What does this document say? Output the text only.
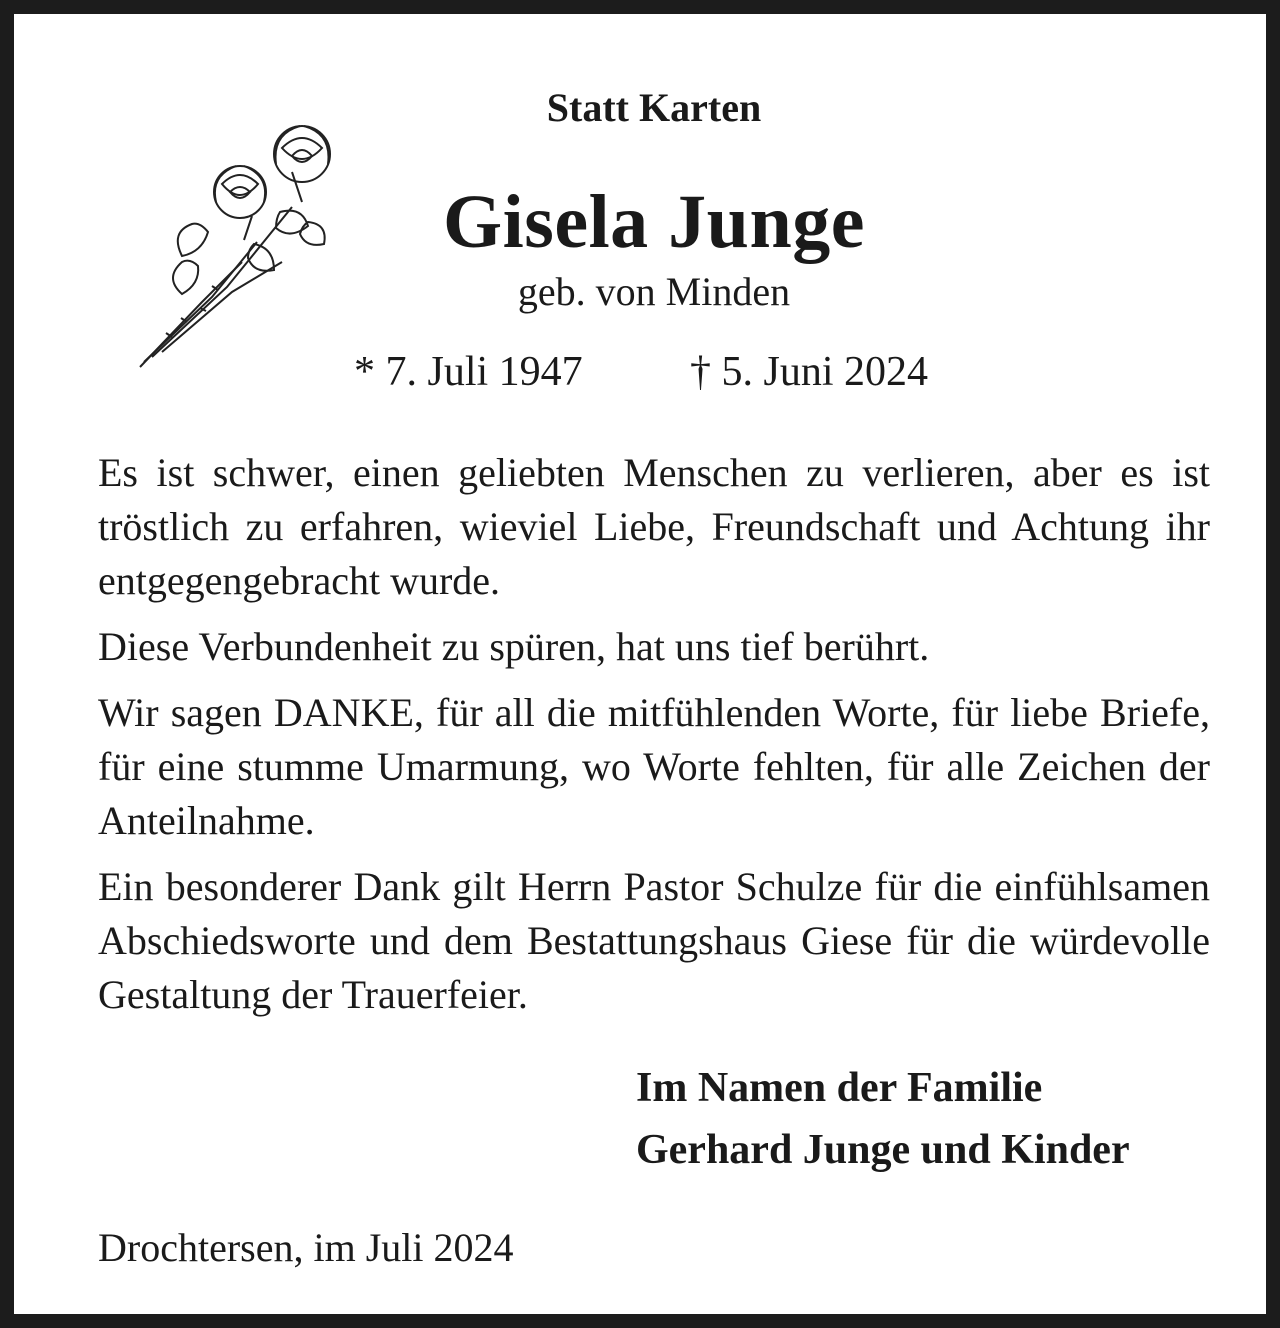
Statt Karten
Gisela Junge
geb. von Minden
* 7. Juli 1947	† 5. Juni 2024

Es ist schwer, einen geliebten Menschen zu verlieren, aber es ist tröstlich zu erfahren, wieviel Liebe, Freundschaft und Achtung ihr entgegengebracht wurde.

Diese Verbundenheit zu spüren, hat uns tief berührt.

Wir sagen DANKE, für all die mitfühlenden Worte, für liebe Briefe, für eine stumme Umarmung, wo Worte fehlten, für alle Zeichen der Anteilnahme.

Ein besonderer Dank gilt Herrn Pastor Schulze für die einfühlsamen Abschiedsworte und dem Bestattungshaus Giese für die würdevolle Gestaltung der Trauerfeier.

Im Namen der Familie
Gerhard Junge und Kinder
Drochtersen, im Juli 2024
